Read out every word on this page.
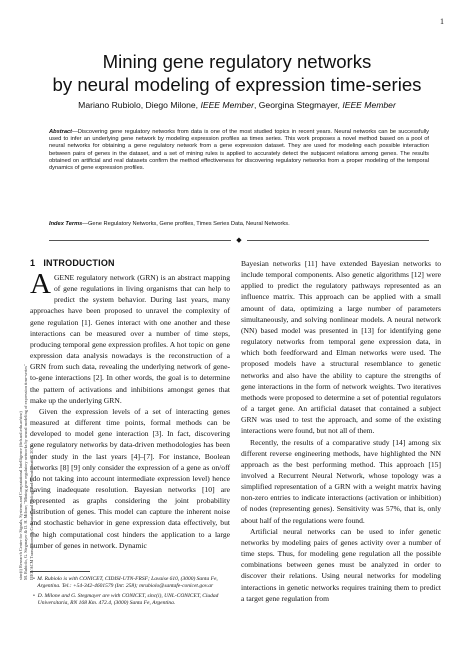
1
sinc(i) Research Center for Signals, Systems and Computational Intelligence (fich.unl.edu.ar/sinc) M. Rubiolo, G. Stegmayer & D. H. Milone; "Mining gene regulatory networks by neural modeling of expression time-series" IEEE/ACM Transactions on Computational Biology and Bioinformatics, 2015.
Mining gene regulatory networks
by neural modeling of expression time-series
Mariano Rubiolo, Diego Milone, IEEE Member, Georgina Stegmayer, IEEE Member
Abstract—Discovering gene regulatory networks from data is one of the most studied topics in recent years. Neural networks can be successfully used to infer an underlying gene network by modeling expression profiles as times series. This work proposes a novel method based on a pool of neural networks for obtaining a gene regulatory network from a gene expression dataset. They are used for modeling each possible interaction between pairs of genes in the dataset, and a set of mining rules is applied to accurately detect the subjacent relations among genes. The results obtained on artificial and real datasets confirm the method effectiveness for discovering regulatory networks from a proper modeling of the temporal dynamics of gene expression profiles.
Index Terms—Gene Regulatory Networks, Gene profiles, Times Series Data, Neural Networks.
◆
1 INTRODUCTION

AGENE regulatory network (GRN) is an abstract mapping of gene regulations in living organisms that can help to predict the system behavior. During last years, many approaches have been proposed to unravel the complexity of gene regulation [1]. Genes interact with one another and these interactions can be measured over a number of time steps, producing temporal gene expression profiles. A hot topic on gene expression data analysis nowadays is the reconstruction of a GRN from such data, revealing the underlying network of gene-to-gene interactions [2]. In other words, the goal is to determine the pattern of activations and inhibitions amongst genes that make up the underlying GRN.

Given the expression levels of a set of interacting genes measured at different time points, formal methods can be developed to model gene interaction [3]. In fact, discovering gene regulatory networks by data-driven methodologies has been under study in the last years [4]–[7]. For instance, Boolean networks [8] [9] only consider the expression of a gene as on/off (do not taking into account intermediate expression level) hence having inadequate resolution. Bayesian networks [10] are represented as graphs considering the joint probability distribution of genes. This model can capture the inherent noise and stochastic behavior in gene expression data effectively, but the high computational cost hinders the application to a large number of genes in network. Dynamic

Bayesian networks [11] have extended Bayesian networks to include temporal components. Also genetic algorithms [12] were applied to predict the regulatory pathways represented as an influence matrix. This approach can be applied with a small amount of data, optimizing a large number of parameters simultaneously, and solving nonlinear models. A neural network (NN) based model was presented in [13] for identifying gene regulatory networks from temporal gene expression data, in which both feedforward and Elman networks were used. The proposed models have a structural resemblance to genetic networks and also have the ability to capture the strengths of gene interactions in the form of network weights. Two iteratives methods were proposed to determine a set of potential regulators of a target gene. An artificial dataset that contained a subject GRN was used to test the approach, and some of the existing interactions were found, but not all of them.

Recently, the results of a comparative study [14] among six different reverse engineering methods, have highlighted the NN approach as the best performing method. This approach [15] involved a Recurrent Neural Network, whose topology was a simplified representation of a GRN with a weight matrix having non-zero entries to indicate interactions (activation or inhibition) of nodes (representing genes). Sensitivity was 57%, that is, only about half of the regulations were found.

Artificial neural networks can be used to infer genetic networks by modeling pairs of genes activity over a number of time steps. Thus, for modeling gene regulation all the possible combinations between genes must be analyzed in order to discover their relations. Using neural networks for modeling interactions in genetic networks requires training them to predict a target gene regulation from

• M. Rubiolo is with CONICET, CIDISI-UTN-FRSF; Lavaise 610, (3000) Santa Fe, Argentina. Tel.: +54-342-4601579 (Int: 258); mrubiolo@santafe-conicet.gov.ar
• D. Milone and G. Stegmayer are with CONICET, sinc(i), UNL-CONICET, Ciudad Universitaria, RN 168 Km. 472.4, (3000) Santa Fe, Argentina.
